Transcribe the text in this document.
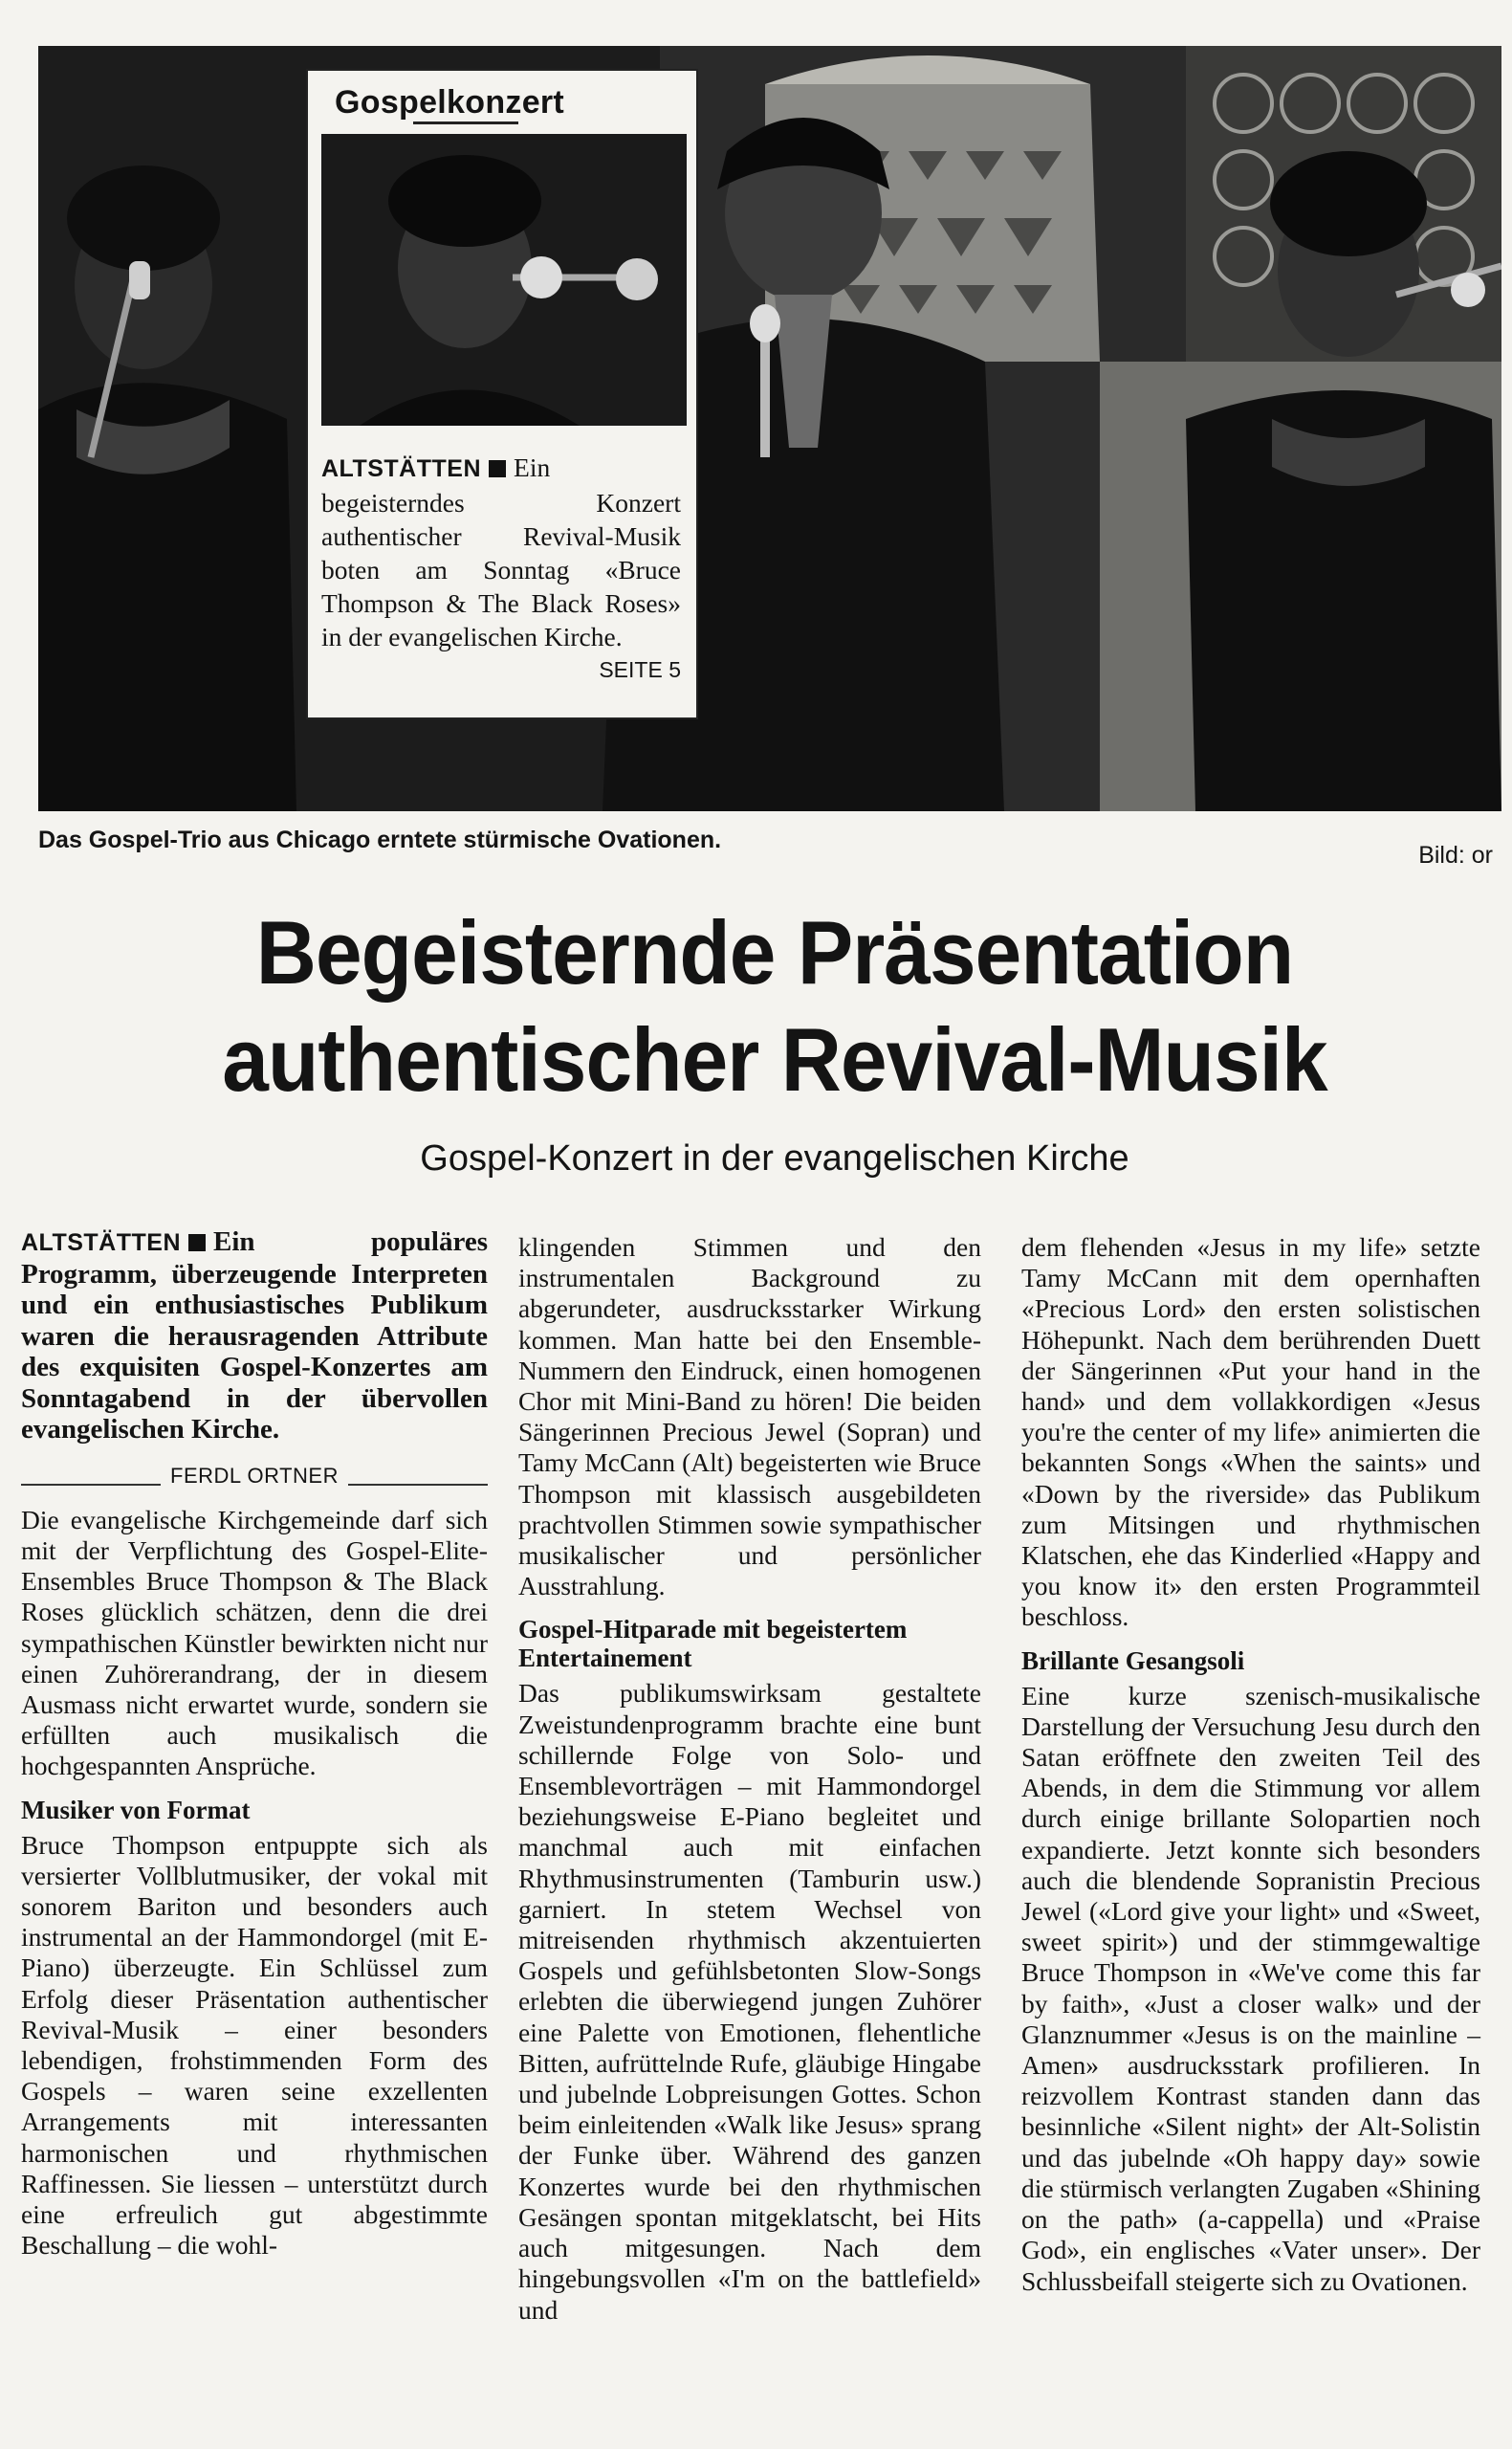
Gospelkonzert
ALTSTÄTTEN Ein begeisterndes Konzert authentischer Revival-Musik boten am Sonntag «Bruce Thompson & The Black Roses» in der evangelischen Kirche.
SEITE 5
Das Gospel-Trio aus Chicago erntete stürmische Ovationen.
Bild: or
Begeisternde Präsentation
authentischer Revival-Musik
Gospel-Konzert in der evangelischen Kirche
ALTSTÄTTEN Ein populäres Programm, überzeugende Interpreten und ein enthusiastisches Publikum waren die herausragenden Attribute des exquisiten Gospel-Konzertes am Sonntagabend in der übervollen evangelischen Kirche.
FERDL ORTNER

Die evangelische Kirchgemeinde darf sich mit der Verpflichtung des Gospel-Elite-Ensembles Bruce Thompson & The Black Roses glücklich schätzen, denn die drei sympathischen Künstler bewirkten nicht nur einen Zuhörerandrang, der in diesem Ausmass nicht erwartet wurde, sondern sie erfüllten auch musikalisch die hochgespannten Ansprüche.

Musiker von Format

Bruce Thompson entpuppte sich als versierter Vollblutmusiker, der vokal mit sonorem Bariton und besonders auch instrumental an der Hammondorgel (mit E-Piano) überzeugte. Ein Schlüssel zum Erfolg dieser Präsentation authentischer Revival-Musik – einer besonders lebendigen, frohstimmenden Form des Gospels – waren seine exzellenten Arrangements mit interessanten harmonischen und rhythmischen Raffinessen. Sie liessen – unterstützt durch eine erfreulich gut abgestimmte Beschallung – die wohl-

klingenden Stimmen und den instrumentalen Background zu abgerundeter, ausdrucksstarker Wirkung kommen. Man hatte bei den Ensemble-Nummern den Eindruck, einen homogenen Chor mit Mini-Band zu hören! Die beiden Sängerinnen Precious Jewel (Sopran) und Tamy McCann (Alt) begeisterten wie Bruce Thompson mit klassisch ausgebildeten prachtvollen Stimmen sowie sympathischer musikalischer und persönlicher Ausstrahlung.

Gospel-Hitparade mit begeistertem Entertainement

Das publikumswirksam gestaltete Zweistundenprogramm brachte eine bunt schillernde Folge von Solo- und Ensemblevorträgen – mit Hammondorgel beziehungsweise E-Piano begleitet und manchmal auch mit einfachen Rhythmusinstrumenten (Tamburin usw.) garniert. In stetem Wechsel von mitreisenden rhythmisch akzentuierten Gospels und gefühlsbetonten Slow-Songs erlebten die überwiegend jungen Zuhörer eine Palette von Emotionen, flehentliche Bitten, aufrüttelnde Rufe, gläubige Hingabe und jubelnde Lobpreisungen Gottes. Schon beim einleitenden «Walk like Jesus» sprang der Funke über. Während des ganzen Konzertes wurde bei den rhythmischen Gesängen spontan mitgeklatscht, bei Hits auch mitgesungen. Nach dem hingebungsvollen «I'm on the battlefield» und

dem flehenden «Jesus in my life» setzte Tamy McCann mit dem opernhaften «Precious Lord» den ersten solistischen Höhepunkt. Nach dem berührenden Duett der Sängerinnen «Put your hand in the hand» und dem vollakkordigen «Jesus you're the center of my life» animierten die bekannten Songs «When the saints» und «Down by the riverside» das Publikum zum Mitsingen und rhythmischen Klatschen, ehe das Kinderlied «Happy and you know it» den ersten Programmteil beschloss.

Brillante Gesangsoli

Eine kurze szenisch-musikalische Darstellung der Versuchung Jesu durch den Satan eröffnete den zweiten Teil des Abends, in dem die Stimmung vor allem durch einige brillante Solopartien noch expandierte. Jetzt konnte sich besonders auch die blendende Sopranistin Precious Jewel («Lord give your light» und «Sweet, sweet spirit») und der stimmgewaltige Bruce Thompson in «We've come this far by faith», «Just a closer walk» und der Glanznummer «Jesus is on the mainline – Amen» ausdrucksstark profilieren. In reizvollem Kontrast standen dann das besinnliche «Silent night» der Alt-Solistin und das jubelnde «Oh happy day» sowie die stürmisch verlangten Zugaben «Shining on the path» (a-cappella) und «Praise God», ein englisches «Vater unser». Der Schlussbeifall steigerte sich zu Ovationen.
